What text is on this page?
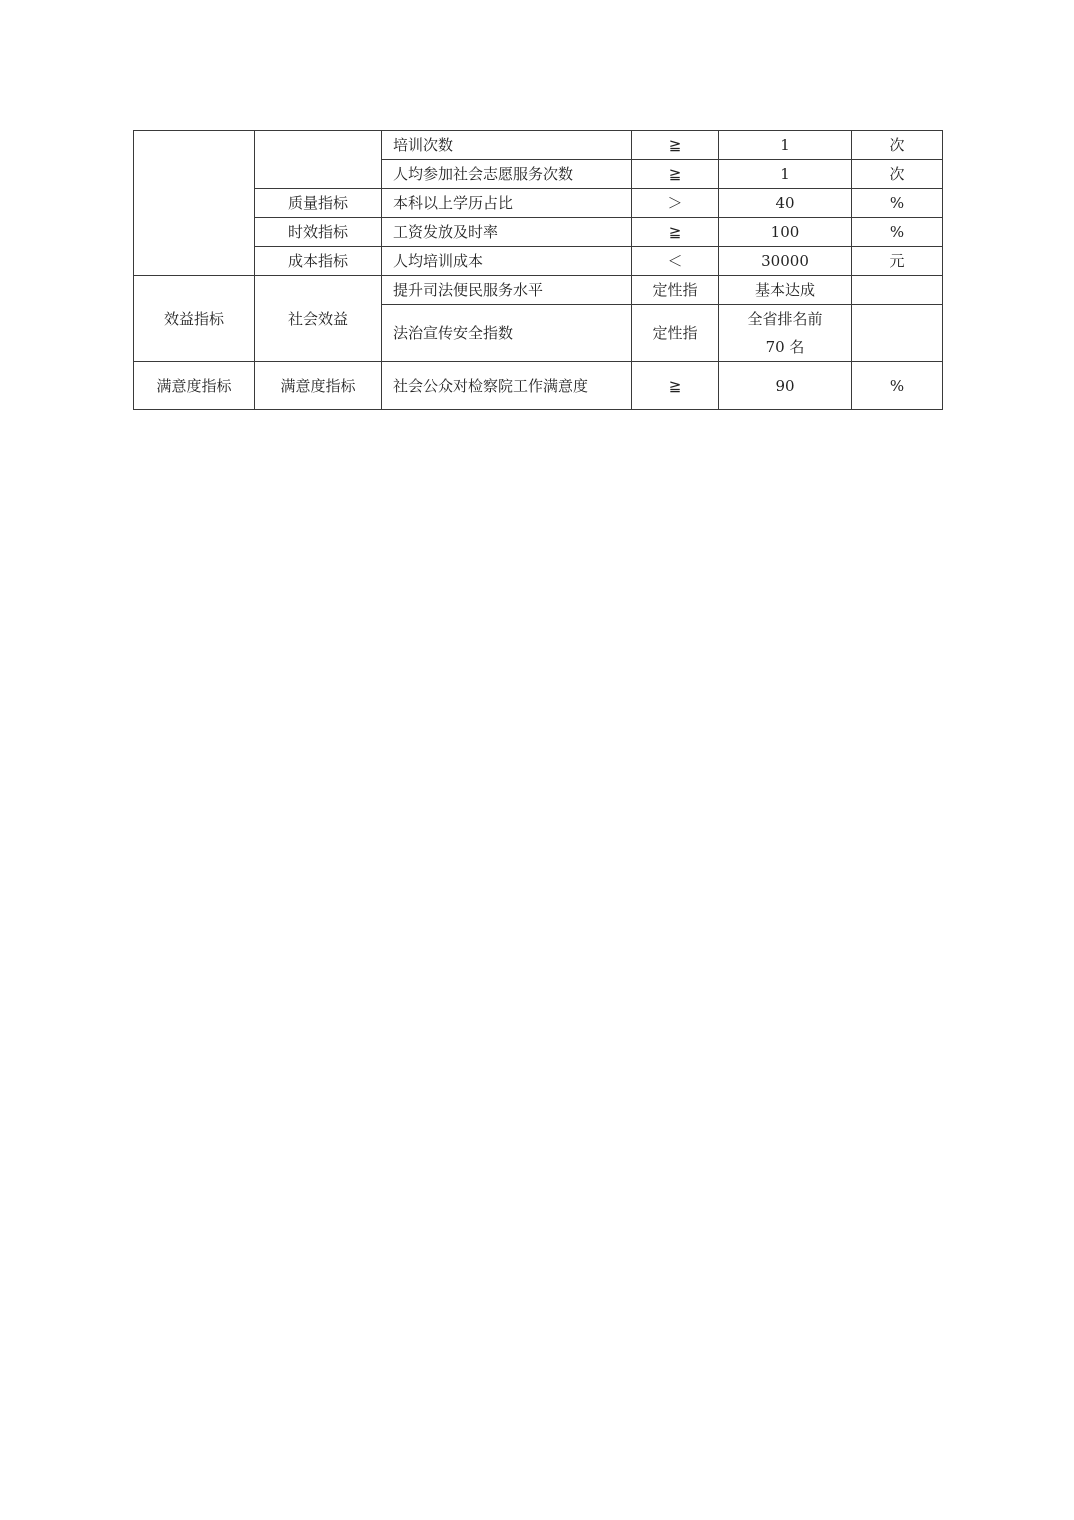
		培训次数	≧	1	次
		人均参加社会志愿服务次数	≧	1	次
	质量指标	本科以上学历占比	＞	40	%
	时效指标	工资发放及时率	≧	100	%
	成本指标	人均培训成本	＜	30000	元
效益指标	社会效益	提升司法便民服务水平	定性指	基本达成	
		法治宣传安全指数	定性指	全省排名前 70 名	
满意度指标	满意度指标	社会公众对检察院工作满意度	≧	90	%
